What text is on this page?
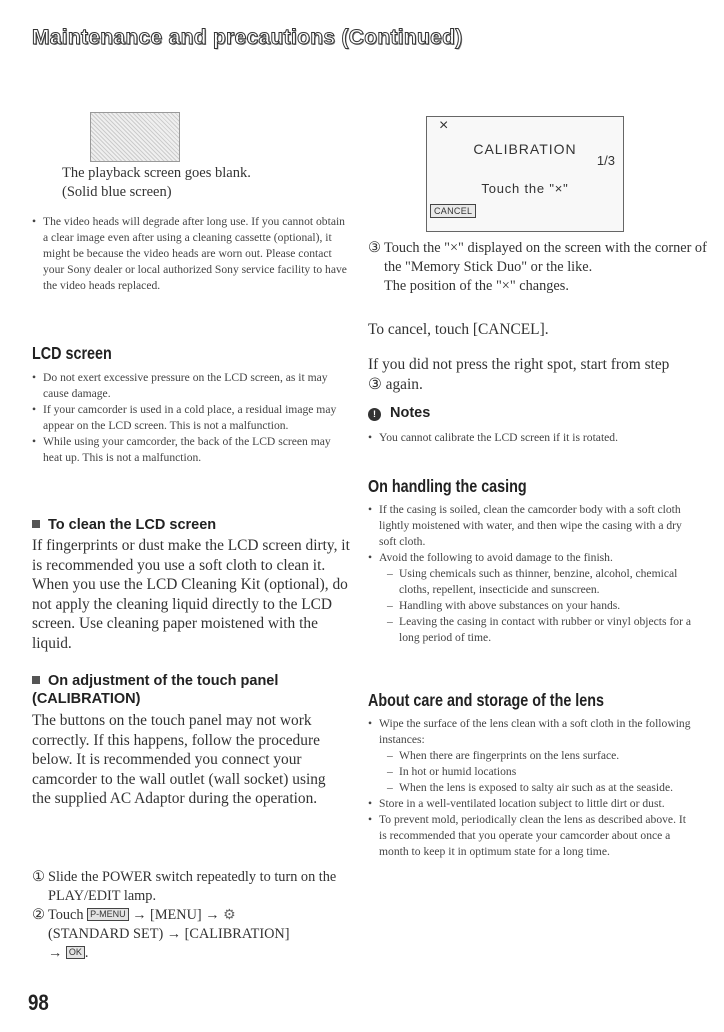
Maintenance and precautions (Continued)
The playback screen goes blank.
(Solid blue screen)
• The video heads will degrade after long use. If you cannot obtain a clear image even after using a cleaning cassette (optional), it might be because the video heads are worn out. Please contact your Sony dealer or local authorized Sony service facility to have the video heads replaced.
LCD screen
• Do not exert excessive pressure on the LCD screen, as it may cause damage.
• If your camcorder is used in a cold place, a residual image may appear on the LCD screen. This is not a malfunction.
• While using your camcorder, the back of the LCD screen may heat up. This is not a malfunction.
To clean the LCD screen

If fingerprints or dust make the LCD screen dirty, it is recommended you use a soft cloth to clean it. When you use the LCD Cleaning Kit (optional), do not apply the cleaning liquid directly to the LCD screen. Use cleaning paper moistened with the liquid.

On adjustment of the touch panel
(CALIBRATION)

The buttons on the touch panel may not work correctly. If this happens, follow the procedure below. It is recommended you connect your camcorder to the wall outlet (wall socket) using the supplied AC Adaptor during the operation.

① Slide the POWER switch repeatedly to turn on the PLAY/EDIT lamp.
② Touch P-MENU → [MENU] → ⚙
(STANDARD SET) → [CALIBRATION]
→ OK .
×
CALIBRATION
1/3
Touch the "×"
CANCEL
③ Touch the "×" displayed on the screen with the corner of the "Memory Stick Duo" or the like.
The position of the "×" changes.

To cancel, touch [CANCEL].

If you did not press the right spot, start from step ③ again.

! Notes
• You cannot calibrate the LCD screen if it is rotated.
On handling the casing
• If the casing is soiled, clean the camcorder body with a soft cloth lightly moistened with water, and then wipe the casing with a dry soft cloth.
• Avoid the following to avoid damage to the finish.
– Using chemicals such as thinner, benzine, alcohol, chemical cloths, repellent, insecticide and sunscreen.
– Handling with above substances on your hands.
– Leaving the casing in contact with rubber or vinyl objects for a long period of time.
About care and storage of the lens
• Wipe the surface of the lens clean with a soft cloth in the following instances:
– When there are fingerprints on the lens surface.
– In hot or humid locations
– When the lens is exposed to salty air such as at the seaside.
• Store in a well-ventilated location subject to little dirt or dust.
• To prevent mold, periodically clean the lens as described above. It is recommended that you operate your camcorder about once a month to keep it in optimum state for a long time.
98
